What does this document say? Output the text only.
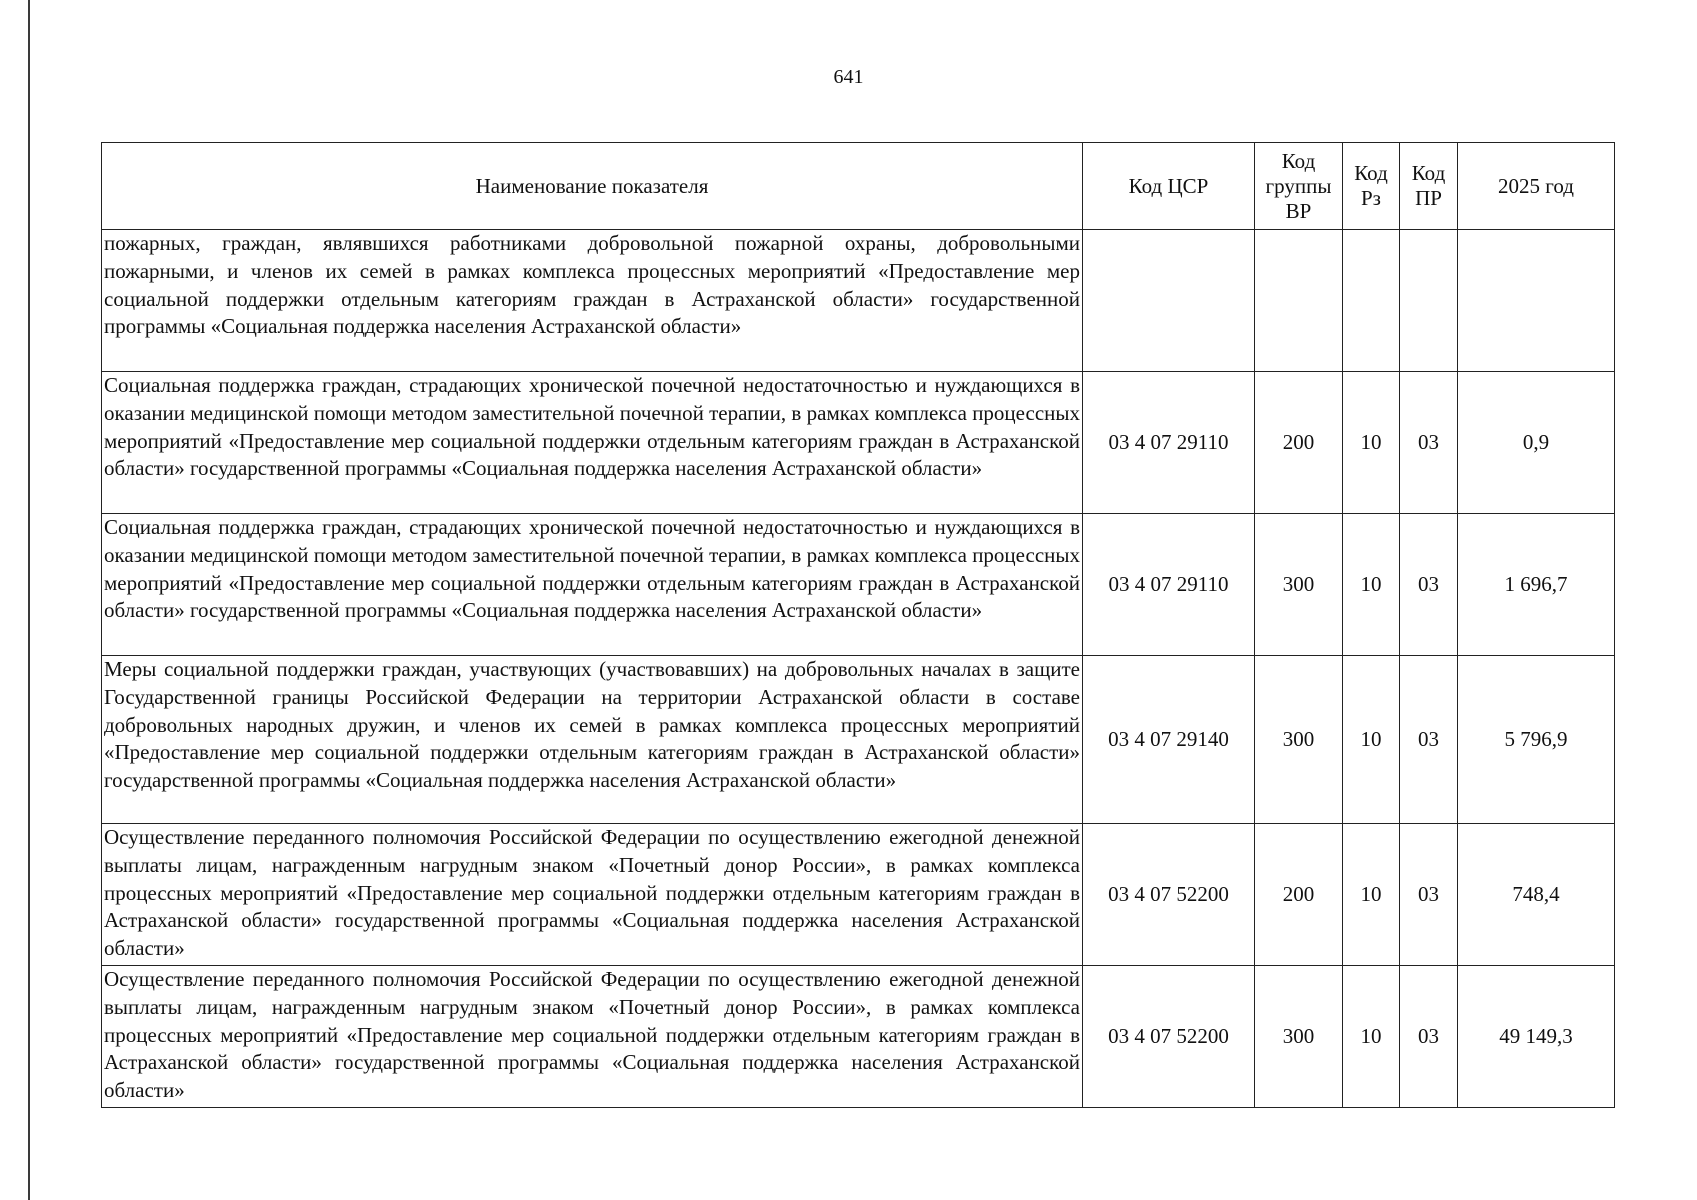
641
Наименование показателя	Код ЦСР	Код группы ВР	Код Рз	Код ПР	2025 год
пожарных, граждан, являвшихся работниками добровольной пожарной охраны, добровольными пожарными, и членов их семей в рамках комплекса процессных мероприятий «Предоставление мер социальной поддержки отдельным категориям граждан в Астраханской области» государственной программы «Социальная поддержка населения Астраханской области»					
Социальная поддержка граждан, страдающих хронической почечной недостаточностью и нуждающихся в оказании медицинской помощи методом заместительной почечной терапии, в рамках комплекса процессных мероприятий «Предоставление мер социальной поддержки отдельным категориям граждан в Астраханской области» государственной программы «Социальная поддержка населения Астраханской области»	03 4 07 29110	200	10	03	0,9
Социальная поддержка граждан, страдающих хронической почечной недостаточностью и нуждающихся в оказании медицинской помощи методом заместительной почечной терапии, в рамках комплекса процессных мероприятий «Предоставление мер социальной поддержки отдельным категориям граждан в Астраханской области» государственной программы «Социальная поддержка населения Астраханской области»	03 4 07 29110	300	10	03	1 696,7
Меры социальной поддержки граждан, участвующих (участвовавших) на добровольных началах в защите Государственной границы Российской Федерации на территории Астраханской области в составе добровольных народных дружин, и членов их семей в рамках комплекса процессных мероприятий «Предоставление мер социальной поддержки отдельным категориям граждан в Астраханской области» государственной программы «Социальная поддержка населения Астраханской области»	03 4 07 29140	300	10	03	5 796,9
Осуществление переданного полномочия Российской Федерации по осуществлению ежегодной денежной выплаты лицам, награжденным нагрудным знаком «Почетный донор России», в рамках комплекса процессных мероприятий «Предоставление мер социальной поддержки отдельным категориям граждан в Астраханской области» государственной программы «Социальная поддержка населения Астраханской области»	03 4 07 52200	200	10	03	748,4
Осуществление переданного полномочия Российской Федерации по осуществлению ежегодной денежной выплаты лицам, награжденным нагрудным знаком «Почетный донор России», в рамках комплекса процессных мероприятий «Предоставление мер социальной поддержки отдельным категориям граждан в Астраханской области» государственной программы «Социальная поддержка населения Астраханской области»	03 4 07 52200	300	10	03	49 149,3
